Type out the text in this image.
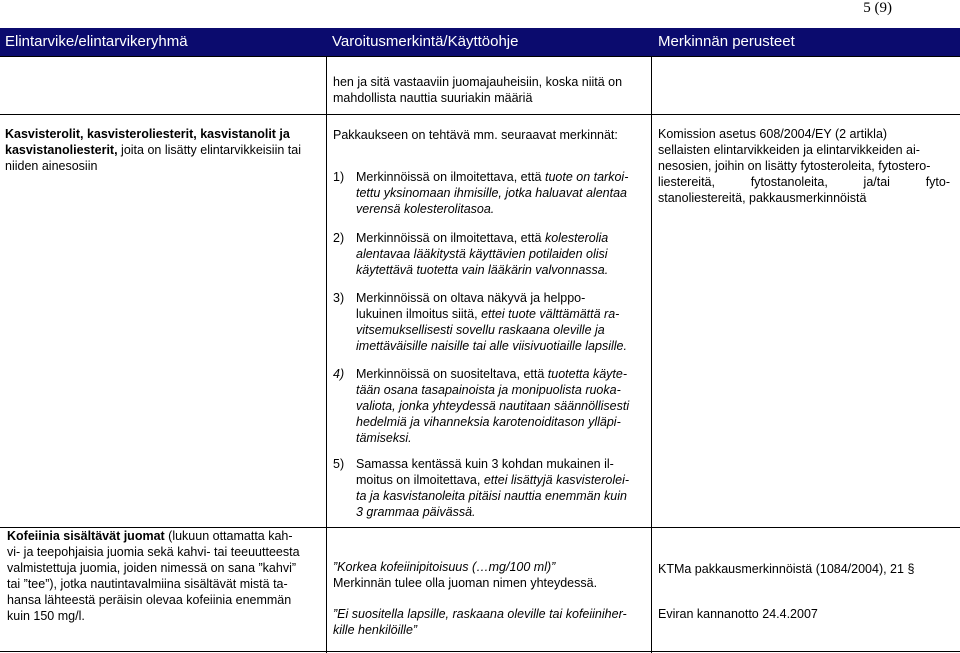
5 (9)
Elintarvike/elintarvikeryhmä	Varoitusmerkintä/Käyttöohje	Merkinnän perusteet

hen ja sitä vastaaviin juomajauheisiin, koska niitä on

mahdollista nauttia suuriakin määriä

Kasvisterolit, kasvisteroliesterit, kasvistanolit ja

kasvistanoliesterit, joita on lisätty elintarvikkeisiin tai

niiden ainesosiin

Pakkaukseen on tehtävä mm. seuraavat merkinnät:
1) Merkinnöissä on ilmoitettava, että tuote on tarkoi-

tettu yksinomaan ihmisille, jotka haluavat alentaa

verensä kolesterolitasoa.

2) Merkinnöissä on ilmoitettava, että kolesterolia

alentavaa lääkitystä käyttävien potilaiden olisi

käytettävä tuotetta vain lääkärin valvonnassa.

3) Merkinnöissä on oltava näkyvä ja helppo-

lukuinen ilmoitus siitä, ettei tuote välttämättä ra-

vitsemuksellisesti sovellu raskaana oleville ja

imettäväisille naisille tai alle viisivuotiaille lapsille.

4) Merkinnöissä on suositeltava, että tuotetta käyte-

tään osana tasapainoista ja monipuolista ruoka-

valiota, jonka yhteydessä nautitaan säännöllisesti

hedelmiä ja vihanneksia karotenoiditason ylläpi-

tämiseksi.

5) Samassa kentässä kuin 3 kohdan mukainen il-

moitus on ilmoitettava, ettei lisättyjä kasvisterolei-

ta ja kasvistanoleita pitäisi nauttia enemmän kuin

3 grammaa päivässä.

Komission asetus 608/2004/EY (2 artikla)

sellaisten elintarvikkeiden ja elintarvikkeiden ai-

nesosien, joihin on lisätty fytosteroleita, fytostero-

liestereitä, fytostanoleita, ja/tai fyto-

stanoliestereitä, pakkausmerkinnöistä

Kofeiinia sisältävät juomat (lukuun ottamatta kah-

vi- ja teepohjaisia juomia sekä kahvi- tai teeuutteesta

valmistettuja juomia, joiden nimessä on sana ”kahvi”

tai ”tee”), jotka nautintavalmiina sisältävät mistä ta-

hansa lähteestä peräisin olevaa kofeiinia enemmän

kuin 150 mg/l.

”Korkea kofeiinipitoisuus (…mg/100 ml)”

Merkinnän tulee olla juoman nimen yhteydessä.

”Ei suositella lapsille, raskaana oleville tai kofeiiniher-

kille henkilöille”

KTMa pakkausmerkinnöistä (1084/2004), 21 §

Eviran kannanotto 24.4.2007
